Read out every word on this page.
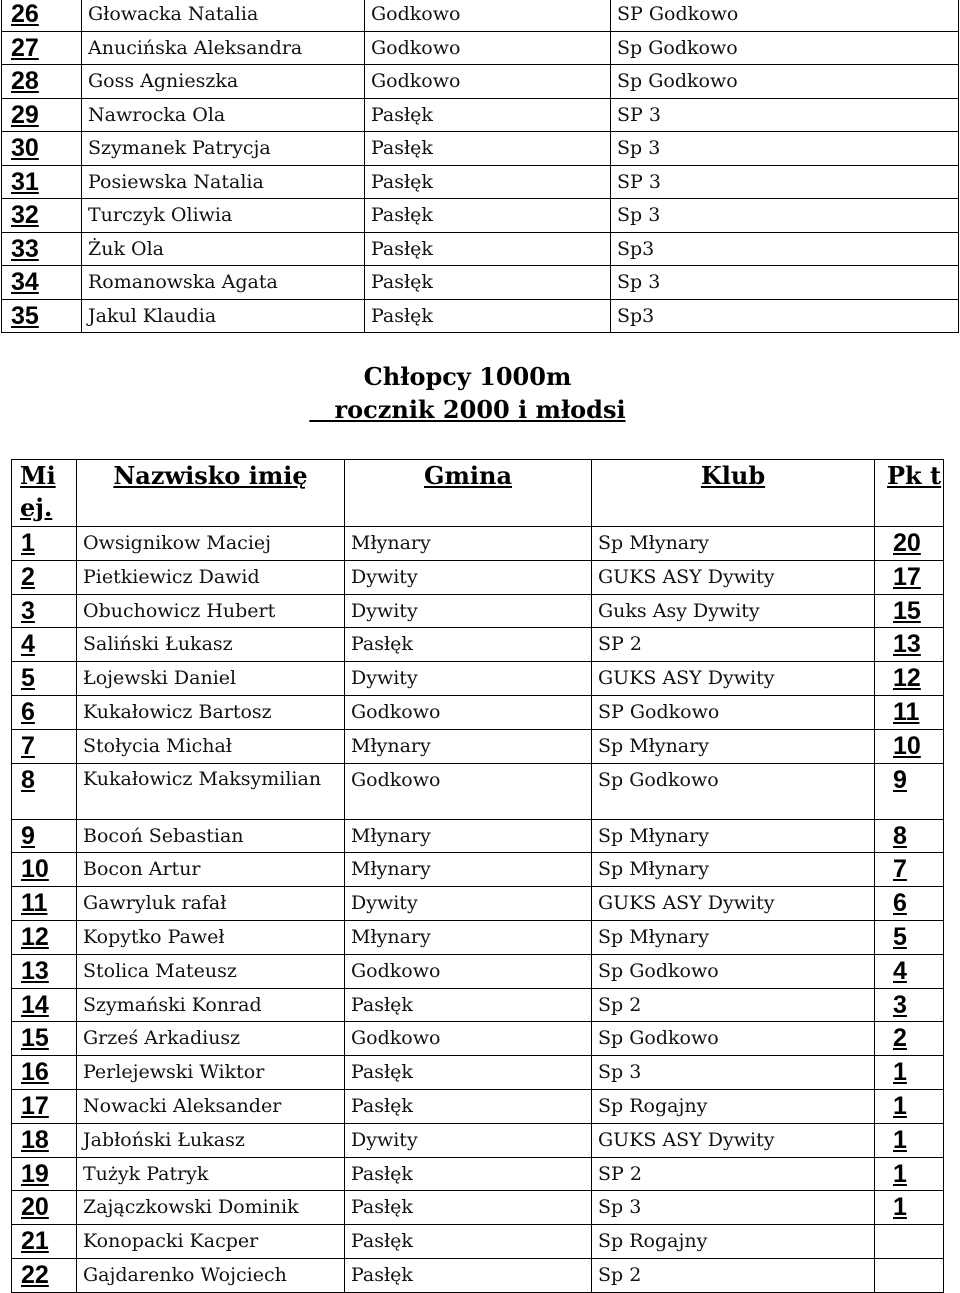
26	Głowacka Natalia	Godkowo	SP Godkowo
27	Anucińska Aleksandra	Godkowo	Sp Godkowo
28	Goss Agnieszka	Godkowo	Sp Godkowo
29	Nawrocka Ola	Pasłęk	SP 3
30	Szymanek Patrycja	Pasłęk	Sp 3
31	Posiewska Natalia	Pasłęk	SP 3
32	Turczyk Oliwia	Pasłęk	Sp 3
33	Żuk Ola	Pasłęk	Sp3
34	Romanowska Agata	Pasłęk	Sp 3
35	Jakul Klaudia	Pasłęk	Sp3
Chłopcy 1000m
rocznik 2000 i młodsi
Mi ej.	Nazwisko imię	Gmina	Klub	Pk t
1	Owsignikow Maciej	Młynary	Sp Młynary	20
2	Pietkiewicz Dawid	Dywity	GUKS ASY Dywity	17
3	Obuchowicz Hubert	Dywity	Guks Asy Dywity	15
4	Saliński Łukasz	Pasłęk	SP 2	13
5	Łojewski Daniel	Dywity	GUKS ASY Dywity	12
6	Kukałowicz Bartosz	Godkowo	SP Godkowo	11
7	Stołycia Michał	Młynary	Sp Młynary	10
8	Kukałowicz Maksymilian	Godkowo	Sp Godkowo	9
9	Bocoń Sebastian	Młynary	Sp Młynary	8
10	Bocon Artur	Młynary	Sp Młynary	7
11	Gawryluk rafał	Dywity	GUKS ASY Dywity	6
12	Kopytko Paweł	Młynary	Sp Młynary	5
13	Stolica Mateusz	Godkowo	Sp Godkowo	4
14	Szymański Konrad	Pasłęk	Sp 2	3
15	Grześ Arkadiusz	Godkowo	Sp Godkowo	2
16	Perlejewski Wiktor	Pasłęk	Sp 3	1
17	Nowacki Aleksander	Pasłęk	Sp Rogajny	1
18	Jabłoński Łukasz	Dywity	GUKS ASY Dywity	1
19	Tużyk Patryk	Pasłęk	SP 2	1
20	Zajączkowski Dominik	Pasłęk	Sp 3	1
21	Konopacki Kacper	Pasłęk	Sp Rogajny	
22	Gajdarenko Wojciech	Pasłęk	Sp 2	
